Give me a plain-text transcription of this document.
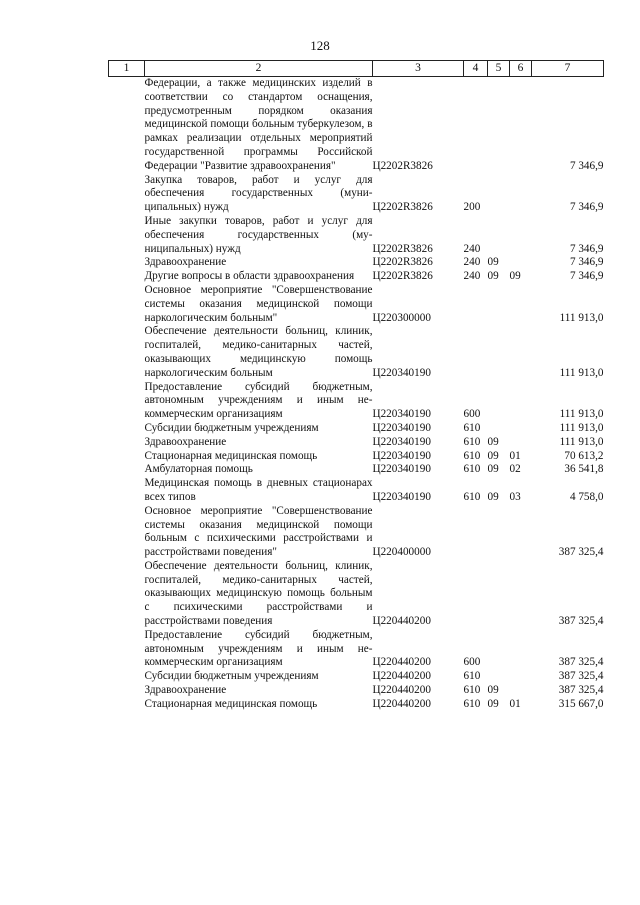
128
1	2	3	4	5	6	7
	Федерации, а также медицинских изделий в соответствии со стандартом оснащения, предусмотренным порядком оказания медицинской помощи больным туберкулезом, в рамках реализации отдельных мероприятий государственной программы Российской Федерации "Развитие здравоохранения"	Ц2202R3826				7 346,9
	Закупка товаров, работ и услуг для обеспечения государственных (муниципальных) нужд	Ц2202R3826	200			7 346,9
	Иные закупки товаров, работ и услуг для обеспечения государственных (муниципальных) нужд	Ц2202R3826	240			7 346,9
	Здравоохранение	Ц2202R3826	240	09		7 346,9
	Другие вопросы в области здравоохранения	Ц2202R3826	240	09	09	7 346,9
	Основное мероприятие "Совершенствование системы оказания медицинской помощи наркологическим больным"	Ц220300000				111 913,0
	Обеспечение деятельности больниц, клиник, госпиталей, медико-санитарных частей, оказывающих медицинскую помощь наркологическим больным	Ц220340190				111 913,0
	Предоставление субсидий бюджетным, автономным учреждениям и иным некоммерческим организациям	Ц220340190	600			111 913,0
	Субсидии бюджетным учреждениям	Ц220340190	610			111 913,0
	Здравоохранение	Ц220340190	610	09		111 913,0
	Стационарная медицинская помощь	Ц220340190	610	09	01	70 613,2
	Амбулаторная помощь	Ц220340190	610	09	02	36 541,8
	Медицинская помощь в дневных стационарах всех типов	Ц220340190	610	09	03	4 758,0
	Основное мероприятие "Совершенствование системы оказания медицинской помощи больным с психическими расстройствами и расстройствами поведения"	Ц220400000				387 325,4
	Обеспечение деятельности больниц, клиник, госпиталей, медико-санитарных частей, оказывающих медицинскую помощь больным с психическими расстройствами и расстройствами поведения	Ц220440200				387 325,4
	Предоставление субсидий бюджетным, автономным учреждениям и иным некоммерческим организациям	Ц220440200	600			387 325,4
	Субсидии бюджетным учреждениям	Ц220440200	610			387 325,4
	Здравоохранение	Ц220440200	610	09		387 325,4
	Стационарная медицинская помощь	Ц220440200	610	09	01	315 667,0
